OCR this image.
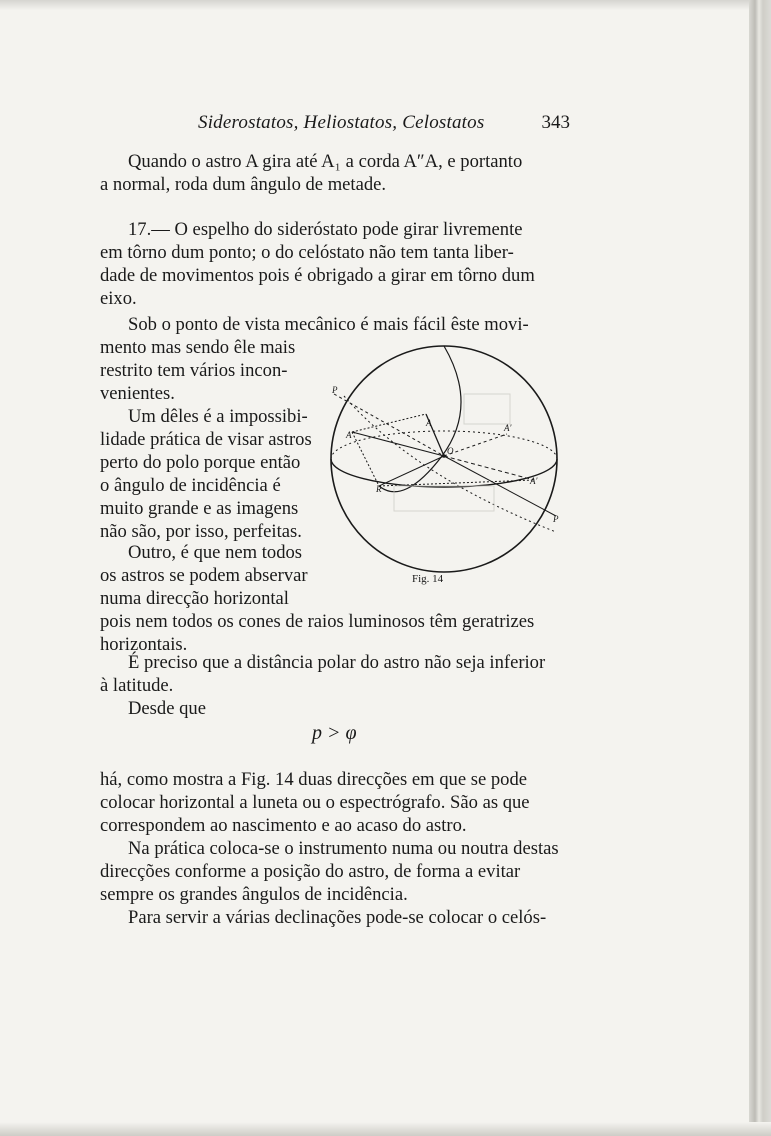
Siderostatos, Heliostatos, Celostatos	343

Quando o astro A gira até A₁ a corda A″A, e portanto

a normal, roda dum ângulo de metade.

17.— O espelho do sideróstato pode girar livremente

em tôrno dum ponto; o do celóstato não tem tanta liber-

dade de movimentos pois é obrigado a girar em tôrno dum

eixo.

Sob o ponto de vista mecânico é mais fácil êste movi-

mento mas sendo êle mais

restrito tem vários incon-

venientes.

Um dêles é a impossibi-

lidade prática de visar astros

perto do polo porque então

o ângulo de incidência é

muito grande e as imagens

não são, por isso, perfeitas.

Outro, é que nem todos

os astros se podem abservar

numa direcção horizontal

pois nem todos os cones de raios luminosos têm geratrizes

horizontais.

P
A
A″
A′
A′
O
R
P
Fig. 14

É preciso que a distância polar do astro não seja inferior

à latitude.

Desde que

p > φ

há, como mostra a Fig. 14 duas direcções em que se pode

colocar horizontal a luneta ou o espectrógrafo. São as que

correspondem ao nascimento e ao acaso do astro.

Na prática coloca-se o instrumento numa ou noutra destas

direcções conforme a posição do astro, de forma a evitar

sempre os grandes ângulos de incidência.

Para servir a várias declinações pode-se colocar o celós-
